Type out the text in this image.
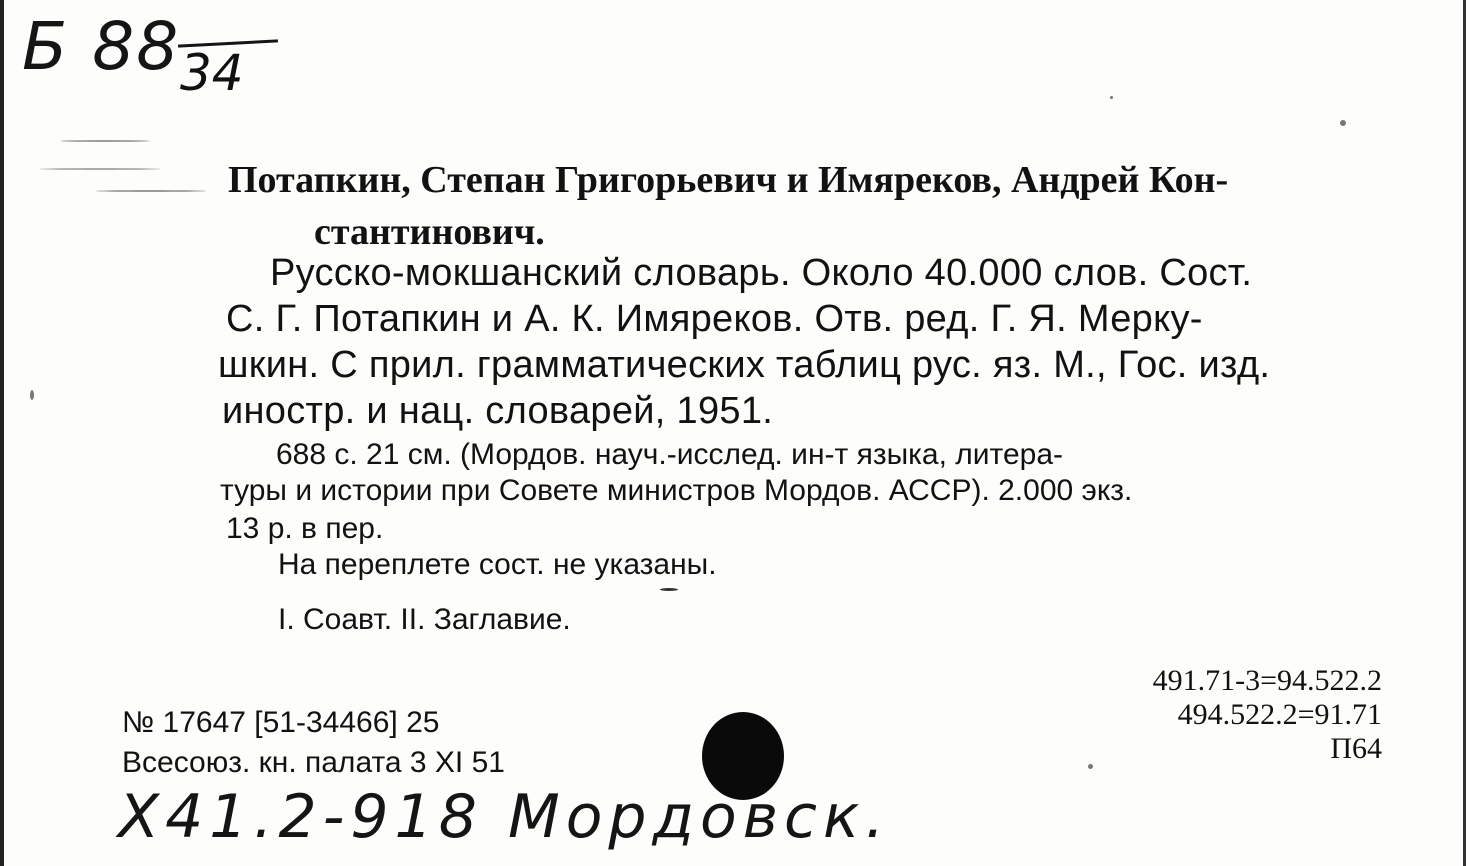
Б 88 34
Потапкин, Степан Григорьевич и Имяреков, Андрей Кон-
стантинович.
Русско-мокшанский словарь. Около 40.000 слов. Сост.
С. Г. Потапкин и А. К. Имяреков. Отв. ред. Г. Я. Мерку-
шкин. С прил. грамматических таблиц рус. яз. М., Гос. изд.
иностр. и нац. словарей, 1951.
688 с. 21 см. (Мордов. науч.-исслед. ин-т языка, литера-
туры и истории при Совете министров Мордов. АССР). 2.000 экз.
13 р. в пер.
На переплете сост. не указаны.
I. Соавт. II. Заглавие.
491.71-3=94.522.2
494.522.2=91.71
П64
№ 17647 [51-34466] 25
Всесоюз. кн. палата 3 XI 51
Х41.2-918 Мордовск.
